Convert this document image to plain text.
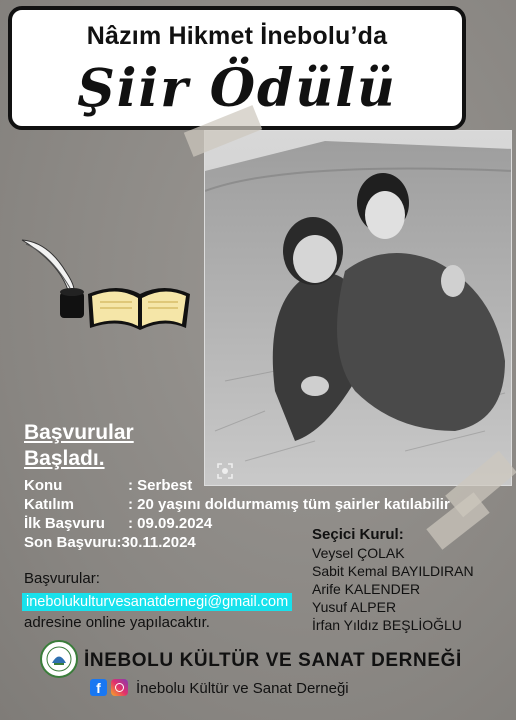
Nâzım Hikmet İnebolu’da
Şiir Ödülü
Başvurular
Başladı.
Konu	: Serbest
Katılım	: 20 yaşını doldurmamış tüm şairler katılabilir
İlk Başvuru : 09.09.2024
Son Başvuru:30.11.2024
Başvurular:
inebolukulturvesanatdernegi@gmail.com
adresine online yapılacaktır.
Seçici Kurul:
Veysel ÇOLAK
Sabit Kemal BAYILDIRAN
Arife KALENDER
Yusuf ALPER
İrfan Yıldız BEŞLİOĞLU
İNEBOLU KÜLTÜR VE SANAT DERNEĞİ
f	İnebolu Kültür ve Sanat Derneği
